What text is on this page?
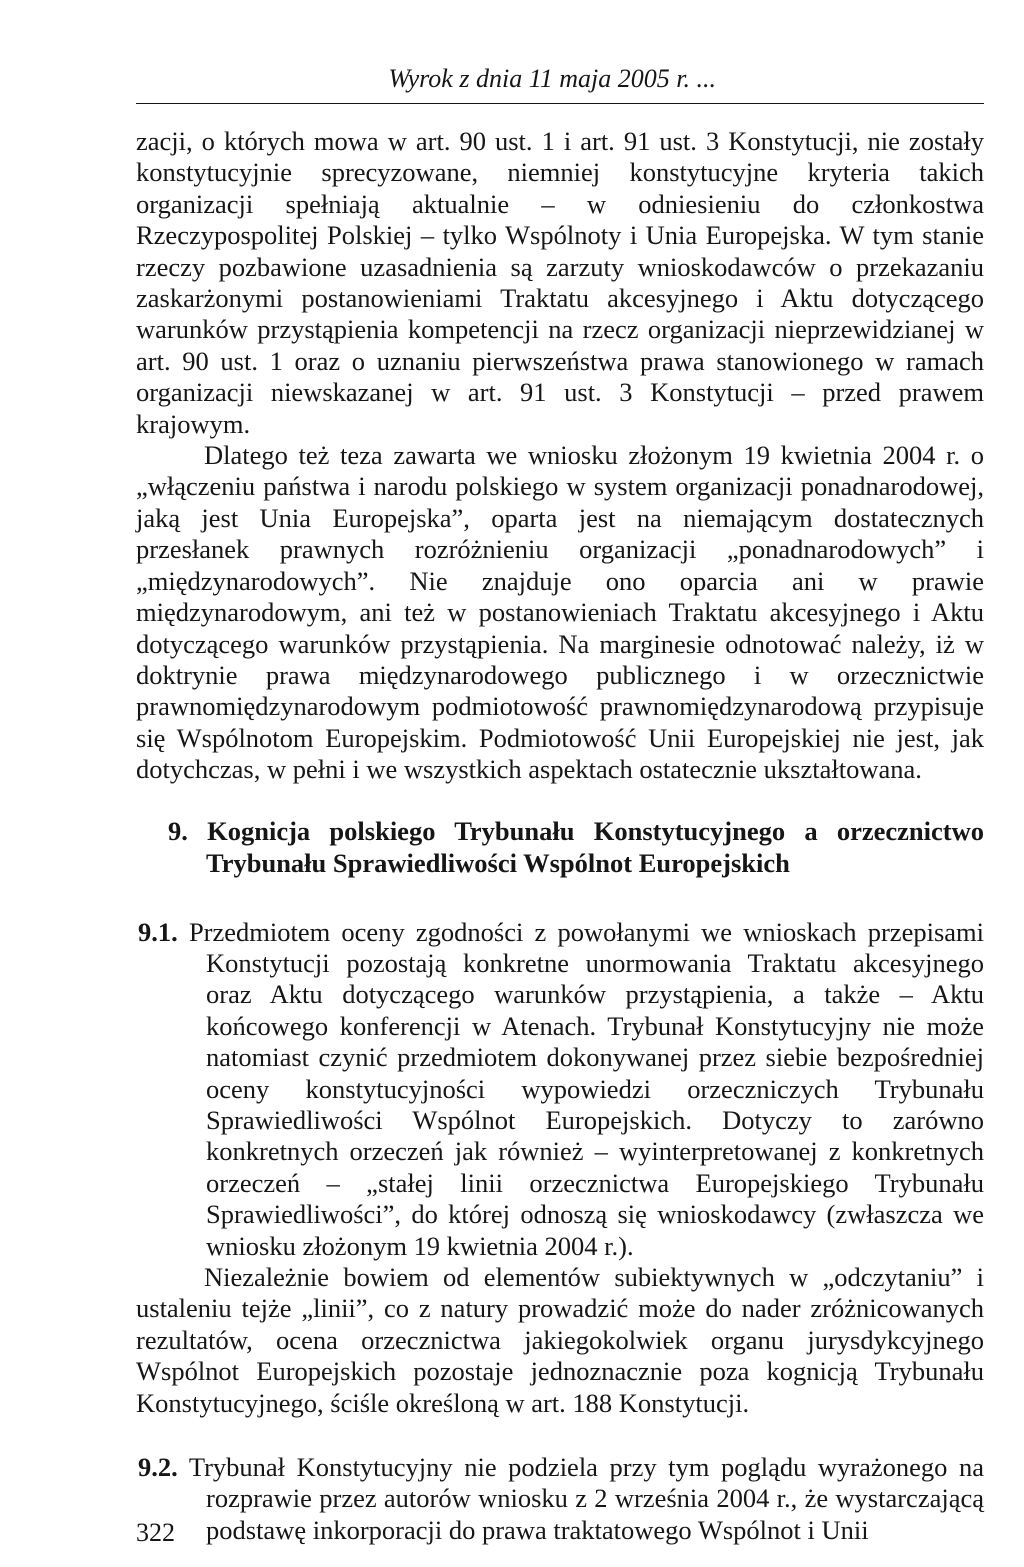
Wyrok z dnia 11 maja 2005 r. ...

zacji, o których mowa w art. 90 ust. 1 i art. 91 ust. 3 Konstytucji, nie zostały konstytucyjnie sprecyzowane, niemniej konstytucyjne kryteria takich organizacji spełniają aktualnie – w odniesieniu do członkostwa Rzeczypospolitej Polskiej – tylko Wspólnoty i Unia Europejska. W tym stanie rzeczy pozbawione uzasadnienia są zarzuty wnioskodawców o przekazaniu zaskarżonymi postanowieniami Traktatu akcesyjnego i Aktu dotyczącego warunków przystąpienia kompetencji na rzecz organizacji nieprzewidzianej w art. 90 ust. 1 oraz o uznaniu pierwszeństwa prawa stanowionego w ramach organizacji niewskazanej w art. 91 ust. 3 Konstytucji – przed prawem krajowym.

Dlatego też teza zawarta we wniosku złożonym 19 kwietnia 2004 r. o „włączeniu państwa i narodu polskiego w system organizacji ponadnarodowej, jaką jest Unia Europejska”, oparta jest na niemającym dostatecznych przesłanek prawnych rozróżnieniu organizacji „ponadnarodowych” i „międzynarodowych”. Nie znajduje ono oparcia ani w prawie międzynarodowym, ani też w postanowieniach Traktatu akcesyjnego i Aktu dotyczącego warunków przystąpienia. Na marginesie odnotować należy, iż w doktrynie prawa międzynarodowego publicznego i w orzecznictwie prawnomiędzynarodowym podmiotowość prawnomiędzynarodową przypisuje się Wspólnotom Europejskim. Podmiotowość Unii Europejskiej nie jest, jak dotychczas, w pełni i we wszystkich aspektach ostatecznie ukształtowana.

9. Kognicja polskiego Trybunału Konstytucyjnego a orzecznictwo Trybunału Sprawiedliwości Wspólnot Europejskich

9.1. Przedmiotem oceny zgodności z powołanymi we wnioskach przepisami Konstytucji pozostają konkretne unormowania Traktatu akcesyjnego oraz Aktu dotyczącego warunków przystąpienia, a także – Aktu końcowego konferencji w Atenach. Trybunał Konstytucyjny nie może natomiast czynić przedmiotem dokonywanej przez siebie bezpośredniej oceny konstytucyjności wypowiedzi orzeczniczych Trybunału Sprawiedliwości Wspólnot Europejskich. Dotyczy to zarówno konkretnych orzeczeń jak również – wyinterpretowanej z konkretnych orzeczeń – „stałej linii orzecznictwa Europejskiego Trybunału Sprawiedliwości”, do której odnoszą się wnioskodawcy (zwłaszcza we wniosku złożonym 19 kwietnia 2004 r.).

Niezależnie bowiem od elementów subiektywnych w „odczytaniu” i ustaleniu tejże „linii”, co z natury prowadzić może do nader zróżnicowanych rezultatów, ocena orzecznictwa jakiegokolwiek organu jurysdykcyjnego Wspólnot Europejskich pozostaje jednoznacznie poza kognicją Trybunału Konstytucyjnego, ściśle określoną w art. 188 Konstytucji.

9.2. Trybunał Konstytucyjny nie podziela przy tym poglądu wyrażonego na rozprawie przez autorów wniosku z 2 września 2004 r., że wystarczającą podstawę inkorporacji do prawa traktatowego Wspólnot i Unii

322
